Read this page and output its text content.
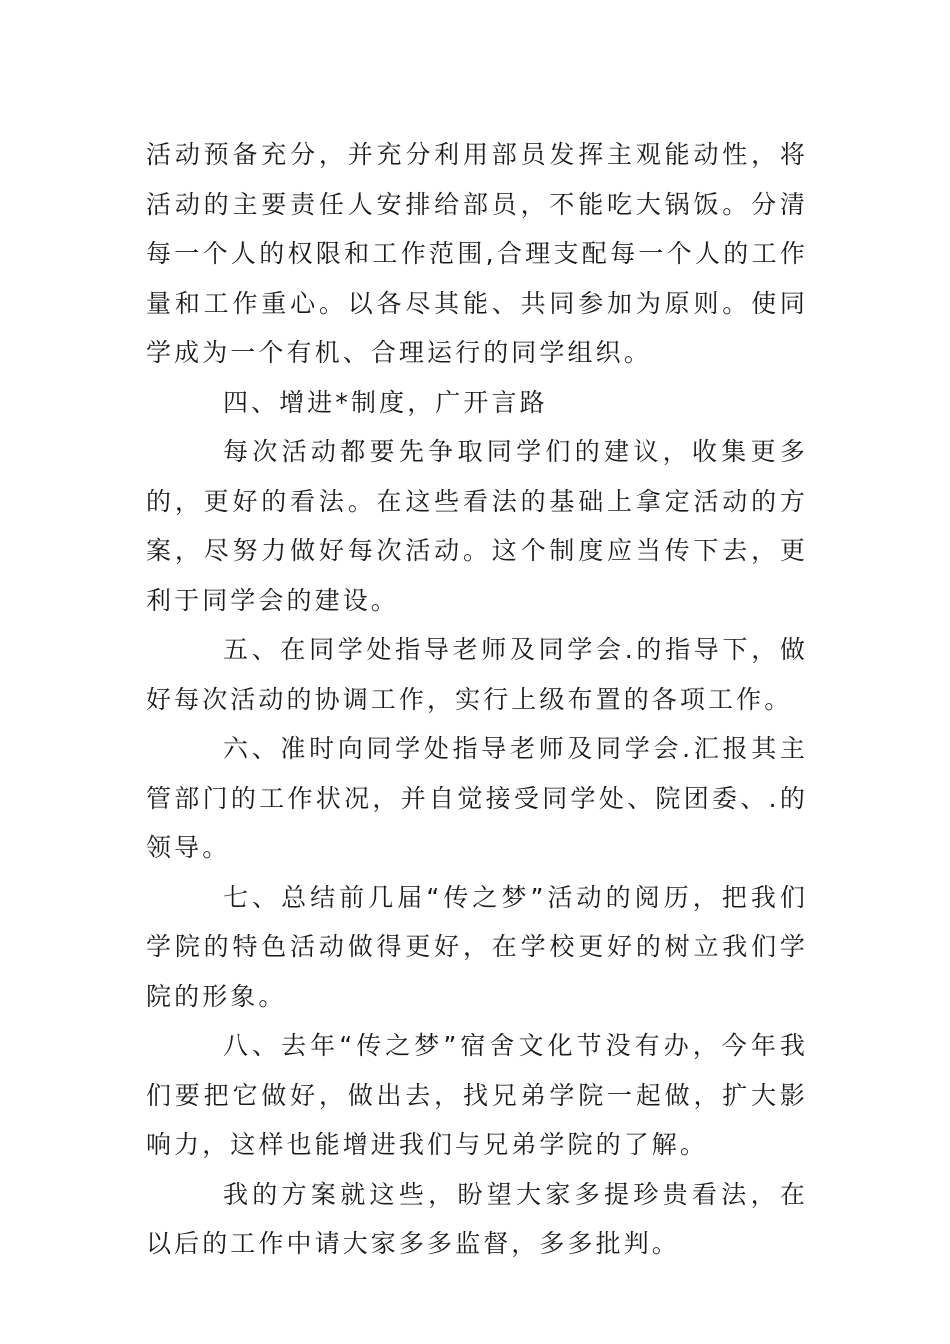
活动预备充分，并充分利用部员发挥主观能动性，将活动的主要责任人安排给部员，不能吃大锅饭。分清每一个人的权限和工作范围,合理支配每一个人的工作量和工作重心。以各尽其能、共同参加为原则。使同学成为一个有机、合理运行的同学组织。

四、增进*制度，广开言路

每次活动都要先争取同学们的建议，收集更多的，更好的看法。在这些看法的基础上拿定活动的方案，尽努力做好每次活动。这个制度应当传下去，更利于同学会的建设。

五、在同学处指导老师及同学会.的指导下，做好每次活动的协调工作，实行上级布置的各项工作。

六、准时向同学处指导老师及同学会.汇报其主管部门的工作状况，并自觉接受同学处、院团委、.的领导。

七、总结前几届“传之梦”活动的阅历，把我们学院的特色活动做得更好，在学校更好的树立我们学院的形象。

八、去年“传之梦”宿舍文化节没有办，今年我们要把它做好，做出去，找兄弟学院一起做，扩大影响力，这样也能增进我们与兄弟学院的了解。

我的方案就这些，盼望大家多提珍贵看法，在以后的工作中请大家多多监督，多多批判。
